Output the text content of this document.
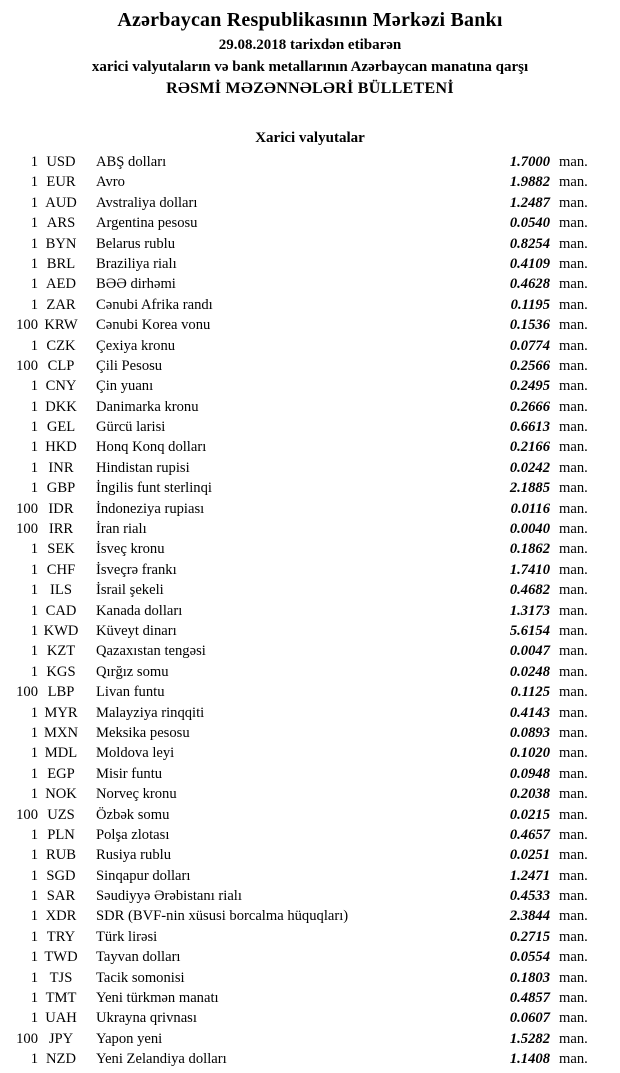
Azərbaycan Respublikasının Mərkəzi Bankı
29.08.2018 tarixdən etibarən
xarici valyutaların və bank metallarının Azərbaycan manatına qarşı
RƏSMİ MƏZƏNNƏLƏRİ BÜLLETENİ
Xarici valyutalar
1 USD	ABŞ dolları	1.7000 man.
1 EUR	Avro	1.9882 man.
1 AUD	Avstraliya dolları	1.2487 man.
1 ARS	Argentina pesosu	0.0540 man.
1 BYN	Belarus rublu	0.8254 man.
1 BRL	Braziliya rialı	0.4109 man.
1 AED	BƏƏ dirhəmi	0.4628 man.
1 ZAR	Cənubi Afrika randı	0.1195 man.
100 KRW	Cənubi Korea vonu	0.1536 man.
1 CZK	Çexiya kronu	0.0774 man.
100 CLP	Çili Pesosu	0.2566 man.
1 CNY	Çin yuanı	0.2495 man.
1 DKK	Danimarka kronu	0.2666 man.
1 GEL	Gürcü larisi	0.6613 man.
1 HKD	Honq Konq dolları	0.2166 man.
1 INR	Hindistan rupisi	0.0242 man.
1 GBP	İngilis funt sterlinqi	2.1885 man.
100 IDR	İndoneziya rupiası	0.0116 man.
100 IRR	İran rialı	0.0040 man.
1 SEK	İsveç kronu	0.1862 man.
1 CHF	İsveçrə frankı	1.7410 man.
1 ILS	İsrail şekeli	0.4682 man.
1 CAD	Kanada dolları	1.3173 man.
1 KWD	Küveyt dinarı	5.6154 man.
1 KZT	Qazaxıstan tengəsi	0.0047 man.
1 KGS	Qırğız somu	0.0248 man.
100 LBP	Livan funtu	0.1125 man.
1 MYR	Malayziya rinqqiti	0.4143 man.
1 MXN	Meksika pesosu	0.0893 man.
1 MDL	Moldova leyi	0.1020 man.
1 EGP	Misir funtu	0.0948 man.
1 NOK	Norveç kronu	0.2038 man.
100 UZS	Özbək somu	0.0215 man.
1 PLN	Polşa zlotası	0.4657 man.
1 RUB	Rusiya rublu	0.0251 man.
1 SGD	Sinqapur dolları	1.2471 man.
1 SAR	Səudiyyə Ərəbistanı rialı	0.4533 man.
1 XDR	SDR (BVF-nin xüsusi borcalma hüquqları)	2.3844 man.
1 TRY	Türk lirəsi	0.2715 man.
1 TWD	Tayvan dolları	0.0554 man.
1 TJS	Tacik somonisi	0.1803 man.
1 TMT	Yeni türkmən manatı	0.4857 man.
1 UAH	Ukrayna qrivnası	0.0607 man.
100 JPY	Yapon yeni	1.5282 man.
1 NZD	Yeni Zelandiya dolları	1.1408 man.
